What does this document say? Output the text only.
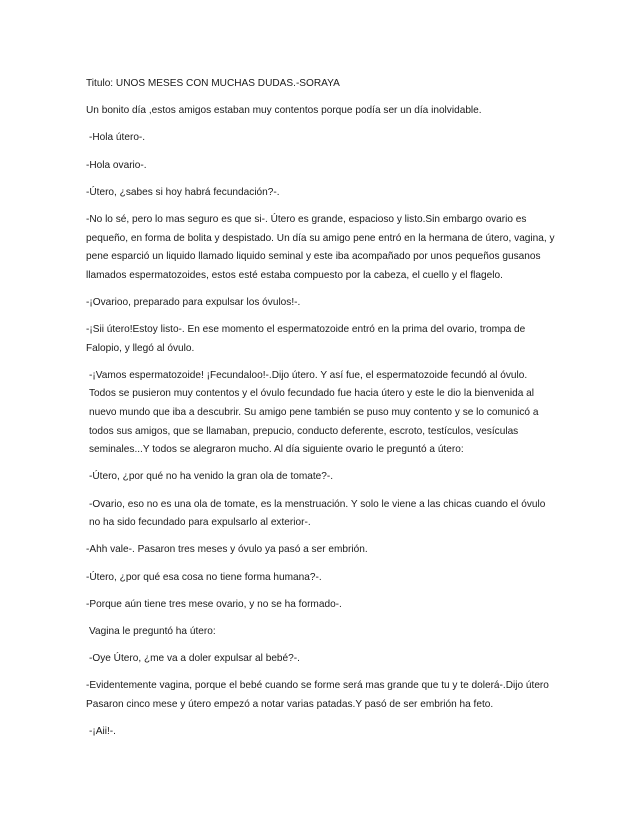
Titulo: UNOS MESES CON MUCHAS DUDAS.-SORAYA

Un bonito día ,estos amigos estaban muy contentos porque podía ser un día inolvidable.

-Hola útero-.

-Hola ovario-.

-Útero, ¿sabes si hoy habrá fecundación?-.

-No lo sé, pero lo mas seguro es que si-. Útero es grande, espacioso y listo.Sin embargo ovario es pequeño, en forma de bolita y despistado. Un día su amigo pene entró en la hermana de útero, vagina, y pene esparció un liquido llamado liquido seminal y este iba acompañado por unos pequeños gusanos llamados espermatozoides, estos esté estaba compuesto por la cabeza, el cuello y el flagelo.

-¡Ovarioo, preparado para expulsar los óvulos!-.

-¡Sii útero!Estoy listo-. En ese momento el espermatozoide entró en la prima del ovario, trompa de Falopio, y llegó al óvulo.

-¡Vamos espermatozoide! ¡Fecundaloo!-.Dijo útero. Y así fue, el espermatozoide fecundó al óvulo. Todos se pusieron muy contentos y el óvulo fecundado fue hacia útero y este le dio la bienvenida al nuevo mundo que iba a descubrir. Su amigo pene también se puso muy contento y se lo comunicó a todos sus amigos, que se llamaban, prepucio, conducto deferente, escroto, testículos, vesículas seminales...Y todos se alegraron mucho. Al día siguiente ovario le preguntó a útero:

-Útero, ¿por qué no ha venido la gran ola de tomate?-.

-Ovario, eso no es una ola de tomate, es la menstruación. Y solo le viene a las chicas cuando el óvulo no ha sido fecundado para expulsarlo al exterior-.

-Ahh vale-. Pasaron tres meses y óvulo ya pasó a ser embrión.

-Útero, ¿por qué esa cosa no tiene forma humana?-.

-Porque aún tiene tres mese ovario, y no se ha formado-.

Vagina le preguntó ha útero:

-Oye Útero, ¿me va a doler expulsar al bebé?-.

-Evidentemente vagina, porque el bebé cuando se forme será mas grande que tu y te dolerá-.Dijo útero Pasaron cinco mese y útero empezó a notar varias patadas.Y pasó de ser embrión ha feto.

-¡Aii!-.
